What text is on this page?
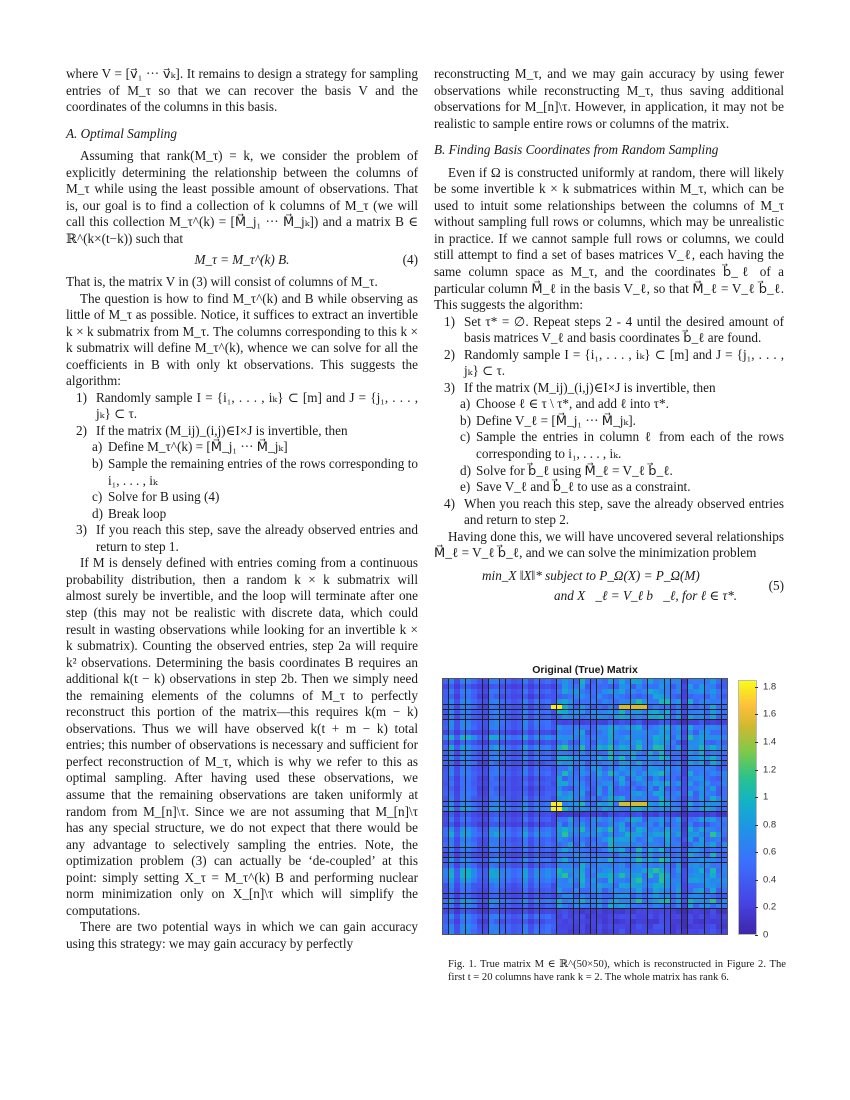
where V = [v⃗₁ ··· v⃗ₖ]. It remains to design a strategy for sampling entries of M_τ so that we can recover the basis V and the coordinates of the columns in this basis.

A. Optimal Sampling

Assuming that rank(M_τ) = k, we consider the problem of explicitly determining the relationship between the columns of M_τ while using the least possible amount of observations. That is, our goal is to find a collection of k columns of M_τ (we will call this collection M_τ^(k) = [M⃗_j₁ ··· M⃗_jₖ]) and a matrix B ∈ ℝ^(k×(t−k)) such that

M_τ = M_τ^(k) B.	(4)

That is, the matrix V in (3) will consist of columns of M_τ.

The question is how to find M_τ^(k) and B while observing as little of M_τ as possible. Notice, it suffices to extract an invertible k × k submatrix from M_τ. The columns corresponding to this k × k submatrix will define M_τ^(k), whence we can solve for all the coefficients in B with only kt observations. This suggests the algorithm:

1) Randomly sample I = {i₁, . . . , iₖ} ⊂ [m] and J = {j₁, . . . , jₖ} ⊂ τ.
2) If the matrix (M_ij)_(i,j)∈I×J is invertible, then
a) Define M_τ^(k) = [M⃗_j₁ ··· M⃗_jₖ]
b) Sample the remaining entries of the rows corresponding to i₁, . . . , iₖ
c) Solve for B using (4)
d) Break loop
3) If you reach this step, save the already observed entries and return to step 1.

If M is densely defined with entries coming from a continuous probability distribution, then a random k × k submatrix will almost surely be invertible, and the loop will terminate after one step (this may not be realistic with discrete data, which could result in wasting observations while looking for an invertible k × k submatrix). Counting the observed entries, step 2a will require k² observations. Determining the basis coordinates B requires an additional k(t − k) observations in step 2b. Then we simply need the remaining elements of the columns of M_τ to perfectly reconstruct this portion of the matrix—this requires k(m − k) observations. Thus we will have observed k(t + m − k) total entries; this number of observations is necessary and sufficient for perfect reconstruction of M_τ, which is why we refer to this as optimal sampling. After having used these observations, we assume that the remaining observations are taken uniformly at random from M_[n]\τ. Since we are not assuming that M_[n]\τ has any special structure, we do not expect that there would be any advantage to selectively sampling the entries. Note, the optimization problem (3) can actually be ‘de-coupled’ at this point: simply setting X_τ = M_τ^(k) B and performing nuclear norm minimization only on X_[n]\τ which will simplify the computations.

There are two potential ways in which we can gain accuracy using this strategy: we may gain accuracy by perfectly

reconstructing M_τ, and we may gain accuracy by using fewer observations while reconstructing M_τ, thus saving additional observations for M_[n]\τ. However, in application, it may not be realistic to sample entire rows or columns of the matrix.

B. Finding Basis Coordinates from Random Sampling

Even if Ω is constructed uniformly at random, there will likely be some invertible k × k submatrices within M_τ, which can be used to intuit some relationships between the columns of M_τ without sampling full rows or columns, which may be unrealistic in practice. If we cannot sample full rows or columns, we could still attempt to find a set of bases matrices V_ℓ, each having the same column space as M_τ, and the coordinates b⃗_ℓ of a particular column M⃗_ℓ in the basis V_ℓ, so that M⃗_ℓ = V_ℓ b⃗_ℓ. This suggests the algorithm:

1) Set τ* = ∅. Repeat steps 2 - 4 until the desired amount of basis matrices V_ℓ and basis coordinates b⃗_ℓ are found.
2) Randomly sample I = {i₁, . . . , iₖ} ⊂ [m] and J = {j₁, . . . , jₖ} ⊂ τ.
3) If the matrix (M_ij)_(i,j)∈I×J is invertible, then
a) Choose ℓ ∈ τ \ τ*, and add ℓ into τ*.
b) Define V_ℓ = [M⃗_j₁ ··· M⃗_jₖ].
c) Sample the entries in column ℓ from each of the rows corresponding to i₁, . . . , iₖ.
d) Solve for b⃗_ℓ using M⃗_ℓ = V_ℓ b⃗_ℓ.
e) Save V_ℓ and b⃗_ℓ to use as a constraint.
4) When you reach this step, save the already observed entries and return to step 2.

Having done this, we will have uncovered several relationships M⃗_ℓ = V_ℓ b⃗_ℓ, and we can solve the minimization problem

min_X ‖X‖* subject to P_Ω(X) = P_Ω(M)
and X⃗_ℓ = V_ℓ b⃗_ℓ, for ℓ ∈ τ*.
(5)
Original (True) Matrix
0
0.2
0.4
0.6
0.8
1
1.2
1.4
1.6
1.8
Fig. 1. True matrix M ∈ ℝ^(50×50), which is reconstructed in Figure 2. The first t = 20 columns have rank k = 2. The whole matrix has rank 6.
